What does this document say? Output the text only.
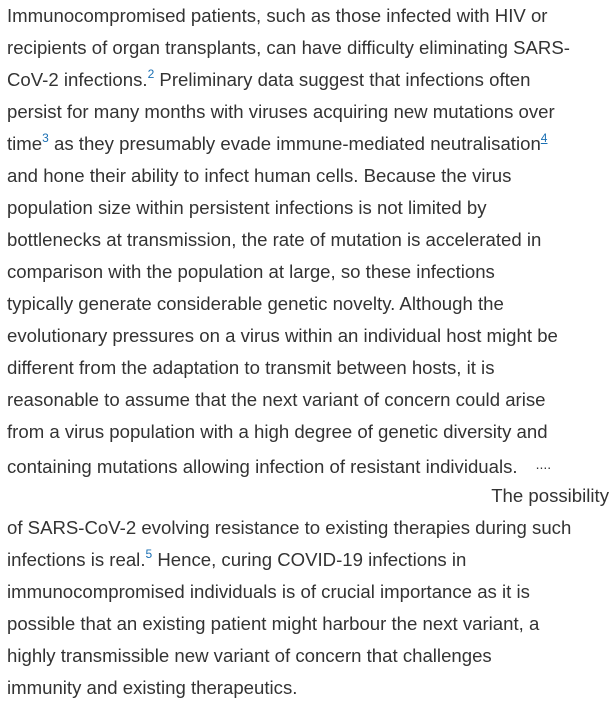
Immunocompromised patients, such as those infected with HIV or
recipients of organ transplants, can have difficulty eliminating SARS-
CoV-2 infections.$^2$ Preliminary data suggest that infections often
persist for many months with viruses acquiring new mutations over
time$^3$ as they presumably evade immune-mediated neutralisation$^4$
and hone their ability to infect human cells. Because the virus
population size within persistent infections is not limited by
bottlenecks at transmission, the rate of mutation is accelerated in
comparison with the population at large, so these infections
typically generate considerable genetic novelty. Although the
evolutionary pressures on a virus within an individual host might be
different from the adaptation to transmit between hosts, it is
reasonable to assume that the next variant of concern could arise
from a virus population with a high degree of genetic diversity and
containing mutations allowing infection of resistant individuals. ....
The possibility
of SARS-CoV-2 evolving resistance to existing therapies during such
infections is real.$^5$ Hence, curing COVID-19 infections in
immunocompromised individuals is of crucial importance as it is
possible that an existing patient might harbour the next variant, a
highly transmissible new variant of concern that challenges
immunity and existing therapeutics.
